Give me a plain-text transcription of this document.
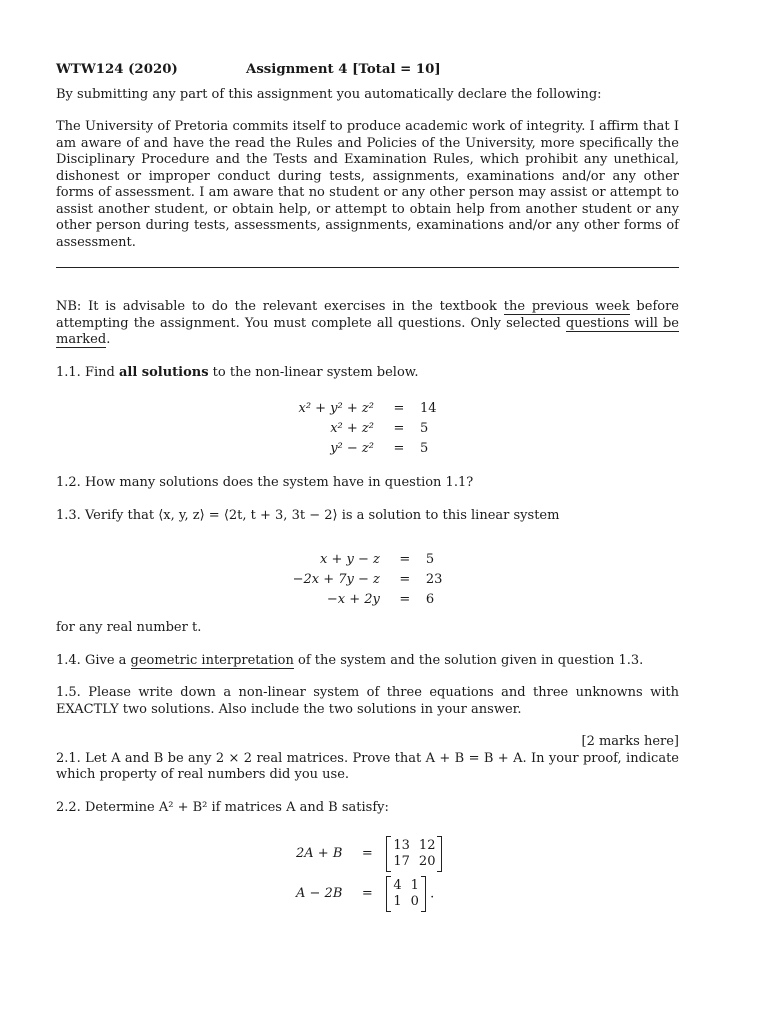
WTW124 (2020)	Assignment 4 [Total = 10]

By submitting any part of this assignment you automatically declare the following:

The University of Pretoria commits itself to produce academic work of integrity. I affirm that I am aware of and have the read the Rules and Policies of the University, more specifically the Disciplinary Procedure and the Tests and Examination Rules, which prohibit any unethical, dishonest or improper conduct during tests, assignments, examinations and/or any other forms of assessment. I am aware that no student or any other person may assist or attempt to assist another student, or obtain help, or attempt to obtain help from another student or any other person during tests, assessments, assignments, examinations and/or any other forms of assessment.

NB: It is advisable to do the relevant exercises in the textbook the previous week before attempting the assignment. You must complete all questions. Only selected questions will be marked.

1.1. Find all solutions to the non-linear system below.

x² + y² + z²	=	14
x² + z²	=	5
y² − z²	=	5

1.2. How many solutions does the system have in question 1.1?

1.3. Verify that ⟨x, y, z⟩ = ⟨2t, t + 3, 3t − 2⟩ is a solution to this linear system

x + y − z	=	5
−2x + 7y − z	=	23
−x + 2y	=	6

for any real number t.

1.4. Give a geometric interpretation of the system and the solution given in question 1.3.

1.5. Please write down a non-linear system of three equations and three unknowns with EXACTLY two solutions. Also include the two solutions in your answer.

[2 marks here]

2.1. Let A and B be any 2 × 2 real matrices. Prove that A + B = B + A. In your proof, indicate which property of real numbers did you use.

2.2. Determine A² + B² if matrices A and B satisfy:

2A + B	=	13 12
17 20

A − 2B	=	4 1
1 0 .
